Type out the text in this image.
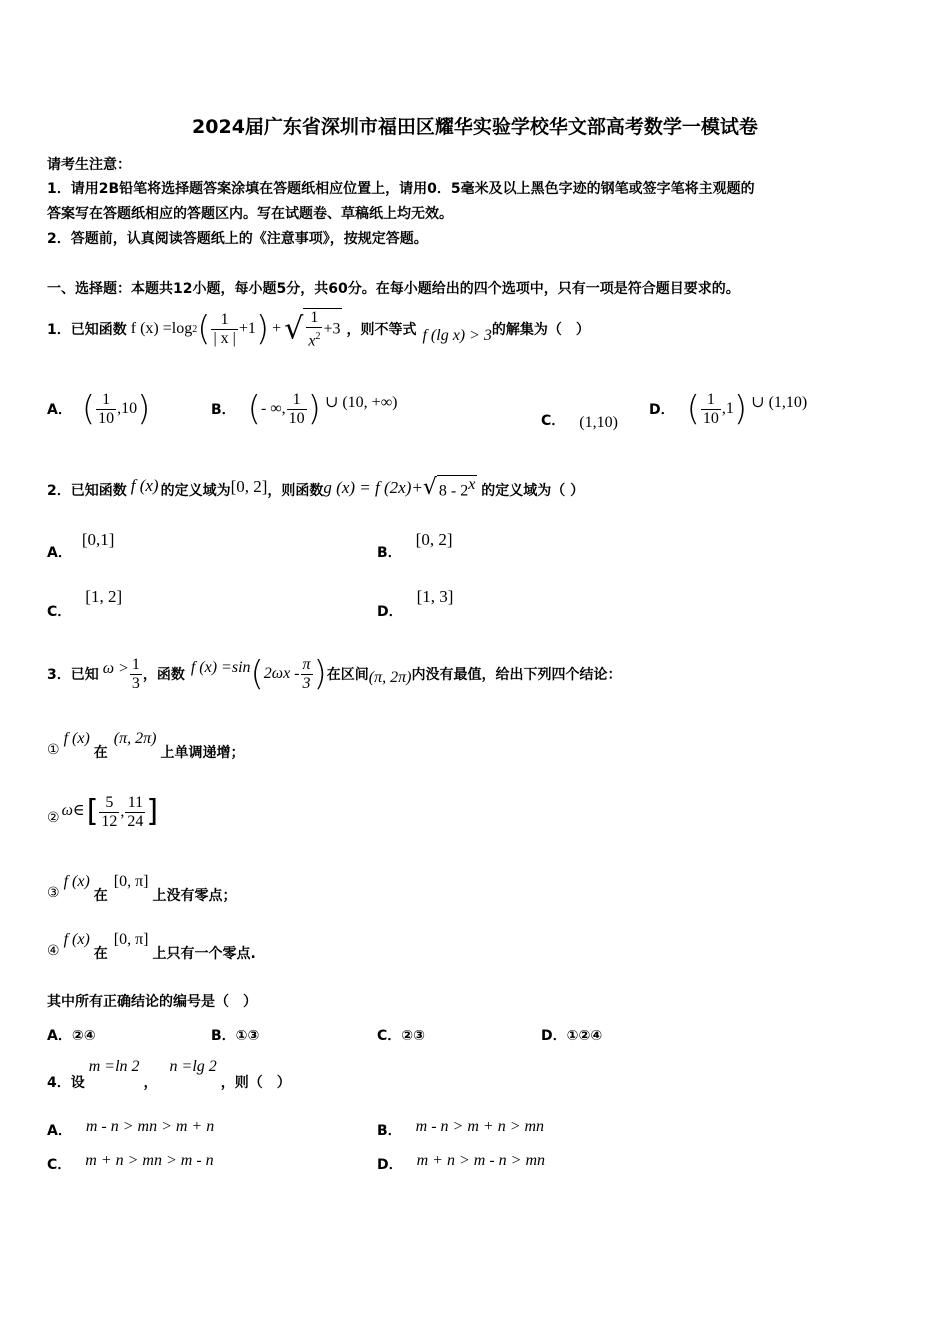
2024届广东省深圳市福田区耀华实验学校华文部高考数学一模试卷
请考生注意：
1．请用2B铅笔将选择题答案涂填在答题纸相应位置上，请用0．5毫米及以上黑色字迹的钢笔或签字笔将主观题的
答案写在答题纸相应的答题区内。写在试题卷、草稿纸上均无效。
2．答题前，认真阅读答题纸上的《注意事项》，按规定答题。
一、选择题：本题共12小题，每小题5分，共60分。在每小题给出的四个选项中，只有一项是符合题目要求的。
1．已知函数 f (x) =log 2 ( $\frac{1}{| x |} +1$ ) + √ $\frac{1}{x^2} +3$ ，则不等式 f (lg x) > 3 的解集为（　）
A． ( $\frac{1}{10} ,10$ )	B． ( - ∞, $\frac{1}{10}$ ) ∪ (10, +∞)
C． (1,10)
D． ( $\frac{1}{10} ,1$ ) ∪ (1,10)
2．已知函数 f (x) 的定义域为 [0, 2] ，则函数 g (x) = f (2x)+ √ 8 - 2$^x$ 的定义域为（ ）
A．
[0,1]
B．
[0, 2]
C．
[1, 2]
D．
[1, 3]
3．已知 $\omega > \frac{1}{3}$ ，函数 f (x) =sin ( $2\omega x - \frac{\pi}{3}$ ) 在区间 (π, 2π) 内没有最值，给出下列四个结论：
①
f (x)
在
(π, 2π)
上单调递增；
② ω∈ [ $\frac{5}{12}$ , $\frac{11}{24}$ ]
③
f (x)
在
[0, π]
上没有零点；
④
f (x)
在
[0, π]
上只有一个零点.
其中所有正确结论的编号是（　）
A．②④	B．①③	C．②③	D．①②④
4．设
m =ln 2
，
n =lg 2
，则（　）
A． m - n > mn > m + n	B． m - n > m + n > mn
C． m + n > mn > m - n	D． m + n > m - n > mn
